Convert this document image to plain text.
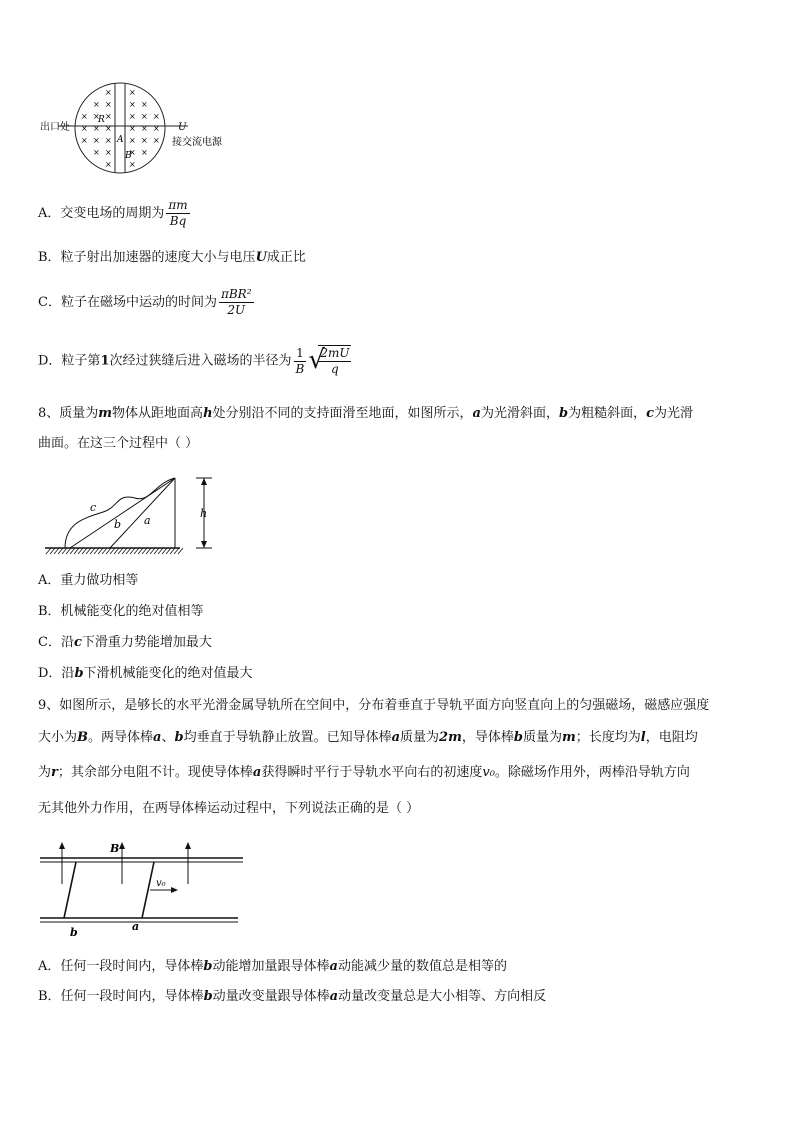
× ×
× × × ×
× × × × × ×
× × × × × ×
× × × × × ×
× × × ×
× ×
出口处	U
接交流电源
R
A
B
A．交变电场的周期为 $\frac{\pi m}{Bq}$
B．粒子射出加速器的速度大小与电压U成正比
C．粒子在磁场中运动的时间为 $\frac{\text{πBR²}}{2U}$
D．粒子第1次经过狭缝后进入磁场的半径为 $\frac{1}{B}$ √
$\frac{2mU}{q}$
8、质量为m物体从距地面高h处分别沿不同的支持面滑至地面，如图所示，a为光滑斜面，b为粗糙斜面，c为光滑
曲面。在这三个过程中（ ）
c
b a
h
A．重力做功相等
B．机械能变化的绝对值相等
C．沿c下滑重力势能增加最大
D．沿b下滑机械能变化的绝对值最大
9、如图所示，是够长的水平光滑金属导轨所在空间中，分布着垂直于导轨平面方向竖直向上的匀强磁场，磁感应强度
大小为B。两导体棒a、b均垂直于导轨静止放置。已知导体棒a质量为2m，导体棒b质量为m；长度均为l，电阻均
为r；其余部分电阻不计。现使导体棒a获得瞬时平行于导轨水平向右的初速度v₀。除磁场作用外，两棒沿导轨方向
无其他外力作用，在两导体棒运动过程中，下列说法正确的是（ ）
B
v₀
b	a
A．任何一段时间内，导体棒b动能增加量跟导体棒a动能减少量的数值总是相等的
B．任何一段时间内，导体棒b动量改变量跟导体棒a动量改变量总是大小相等、方向相反
